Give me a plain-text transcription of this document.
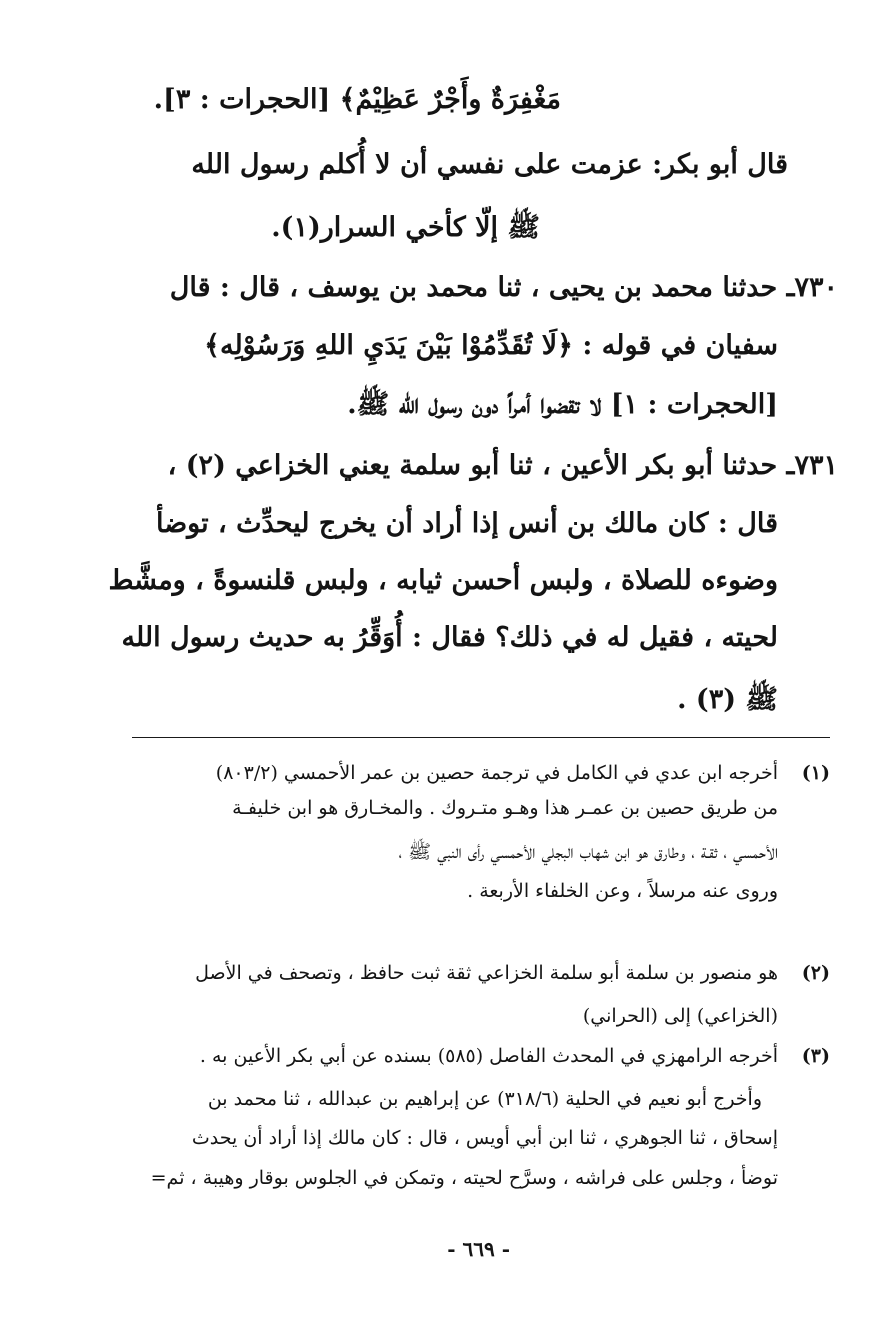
مَغْفِرَةٌ وأَجْرٌ عَظِيْمٌ﴾ [الحجرات : ٣].
قال أبو بكر: عزمت على نفسي أن لا أُكلم رسول الله
ﷺ إلّا كأخي السرار(١).
٧٣٠ـ حدثنا محمد بن يحيى ، ثنا محمد بن يوسف ، قال : قال
سفيان في قوله : ﴿لَا تُقَدِّمُوْا بَيْنَ يَدَيِ اللهِ وَرَسُوْلِه﴾
[الحجرات : ١] لا تقضوا أمراً دون رسول الله ﷺ.
٧٣١ـ حدثنا أبو بكر الأعين ، ثنا أبو سلمة يعني الخزاعي (٢) ،
قال : كان مالك بن أنس إذا أراد أن يخرج ليحدِّث ، توضأ
وضوءه للصلاة ، ولبس أحسن ثيابه ، ولبس قلنسوةً ، ومشَّط
لحيته ، فقيل له في ذلك؟ فقال : أُوَقِّرُ به حديث رسول الله
ﷺ (٣) .
(١)
أخرجه ابن عدي في الكامل في ترجمة حصين بن عمر الأحمسي (٨٠٣/٢)
من طريق حصين بن عمـر هذا وهـو متـروك . والمخـارق هو ابن خليفـة
الأحمسي ، ثقـة ، وطارق هو ابن شهاب البجلي الأحمسي رأى النبي ﷺ ،
وروى عنه مرسلاً ، وعن الخلفاء الأربعة .
(٢)
هو منصور بن سلمة أبو سلمة الخزاعي ثقة ثبت حافظ ، وتصحف في الأصل
(الخزاعي) إلى (الحراني)
(٣)
أخرجه الرامهزي في المحدث الفاصل (٥٨٥) بسنده عن أبي بكر الأعين به .
وأخرج أبو نعيم في الحلية (٣١٨/٦) عن إبراهيم بن عبدالله ، ثنا محمد بن
إسحاق ، ثنا الجوهري ، ثنا ابن أبي أويس ، قال : كان مالك إذا أراد أن يحدث
توضأ ، وجلس على فراشه ، وسرَّح لحيته ، وتمكن في الجلوس بوقار وهيبة ، ثم=
- ٦٦٩ -
